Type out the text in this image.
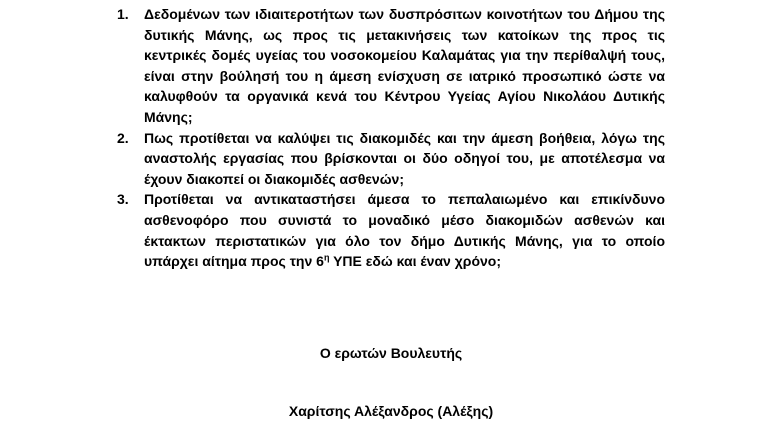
1. Δεδομένων των ιδιαιτεροτήτων των δυσπρόσιτων κοινοτήτων του Δήμου της δυτικής Μάνης, ως προς τις μετακινήσεις των κατοίκων της προς τις κεντρικές δομές υγείας του νοσοκομείου Καλαμάτας για την περίθαλψή τους, είναι στην βούλησή του η άμεση ενίσχυση σε ιατρικό προσωπικό ώστε να καλυφθούν τα οργανικά κενά του Κέντρου Υγείας Αγίου Νικολάου Δυτικής Μάνης;
2. Πως προτίθεται να καλύψει τις διακομιδές και την άμεση βοήθεια, λόγω της αναστολής εργασίας που βρίσκονται οι δύο οδηγοί του, με αποτέλεσμα να έχουν διακοπεί οι διακομιδές ασθενών;
3. Προτίθεται να αντικαταστήσει άμεσα το πεπαλαιωμένο και επικίνδυνο ασθενοφόρο που συνιστά το μοναδικό μέσο διακομιδών ασθενών και έκτακτων περιστατικών για όλο τον δήμο Δυτικής Μάνης, για το οποίο υπάρχει αίτημα προς την $6^\eta$ ΥΠΕ εδώ και έναν χρόνο;
Ο ερωτών Βουλευτής
Χαρίτσης Αλέξανδρος (Αλέξης)
